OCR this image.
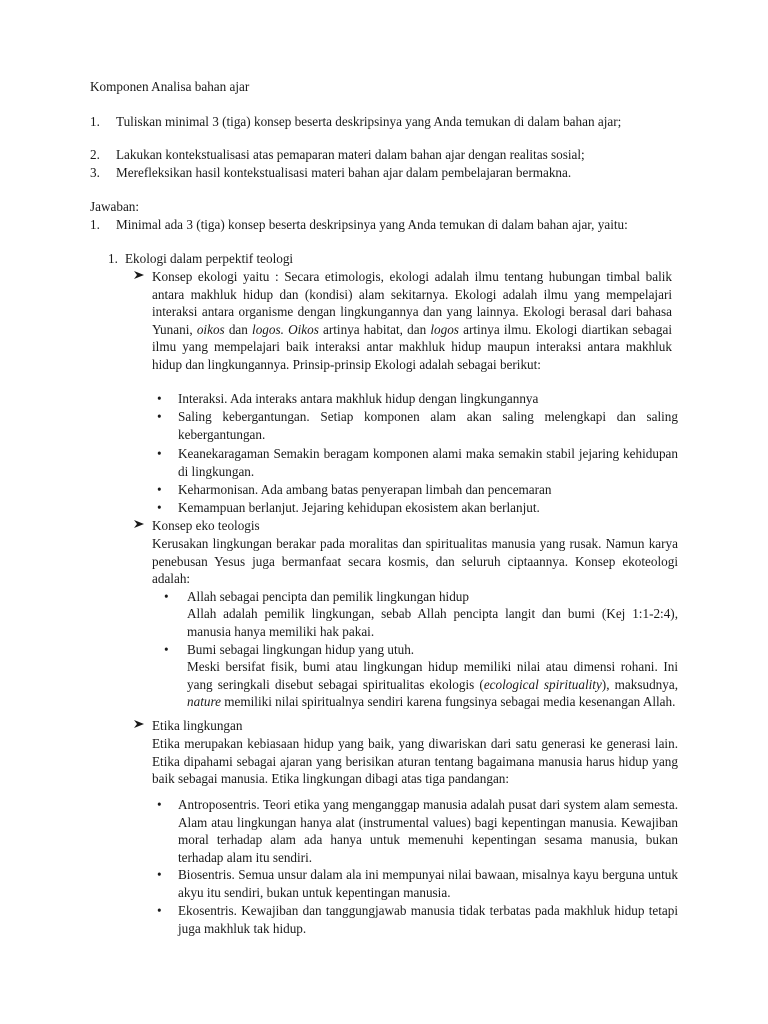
Komponen Analisa bahan ajar
1. Tuliskan minimal 3 (tiga) konsep beserta deskripsinya yang Anda temukan di dalam bahan ajar;
2. Lakukan kontekstualisasi atas pemaparan materi dalam bahan ajar dengan realitas sosial;
3. Merefleksikan hasil kontekstualisasi materi bahan ajar dalam pembelajaran bermakna.
Jawaban:
1. Minimal ada 3 (tiga) konsep beserta deskripsinya yang Anda temukan di dalam bahan ajar, yaitu:
1. Ekologi dalam perpektif teologi
Konsep ekologi yaitu : Secara etimologis, ekologi adalah ilmu tentang hubungan timbal balik antara makhluk hidup dan (kondisi) alam sekitarnya. Ekologi adalah ilmu yang mempelajari interaksi antara organisme dengan lingkungannya dan yang lainnya. Ekologi berasal dari bahasa Yunani, oikos dan logos. Oikos artinya habitat, dan logos artinya ilmu. Ekologi diartikan sebagai ilmu yang mempelajari baik interaksi antar makhluk hidup maupun interaksi antara makhluk hidup dan lingkungannya. Prinsip-prinsip Ekologi adalah sebagai berikut:
• Interaksi. Ada interaks antara makhluk hidup dengan lingkungannya
• Saling kebergantungan. Setiap komponen alam akan saling melengkapi dan saling kebergantungan.
• Keanekaragaman Semakin beragam komponen alami maka semakin stabil jejaring kehidupan di lingkungan.
• Keharmonisan. Ada ambang batas penyerapan limbah dan pencemaran
• Kemampuan berlanjut. Jejaring kehidupan ekosistem akan berlanjut.
Konsep eko teologis
Kerusakan lingkungan berakar pada moralitas dan spiritualitas manusia yang rusak. Namun karya penebusan Yesus juga bermanfaat secara kosmis, dan seluruh ciptaannya. Konsep ekoteologi adalah:
• Allah sebagai pencipta dan pemilik lingkungan hidup
Allah adalah pemilik lingkungan, sebab Allah pencipta langit dan bumi (Kej 1:1-2:4), manusia hanya memiliki hak pakai.
• Bumi sebagai lingkungan hidup yang utuh.
Meski bersifat fisik, bumi atau lingkungan hidup memiliki nilai atau dimensi rohani. Ini yang seringkali disebut sebagai spiritualitas ekologis (ecological spirituality), maksudnya, nature memiliki nilai spiritualnya sendiri karena fungsinya sebagai media kesenangan Allah.
Etika lingkungan
Etika merupakan kebiasaan hidup yang baik, yang diwariskan dari satu generasi ke generasi lain. Etika dipahami sebagai ajaran yang berisikan aturan tentang bagaimana manusia harus hidup yang baik sebagai manusia. Etika lingkungan dibagi atas tiga pandangan:
• Antroposentris. Teori etika yang menganggap manusia adalah pusat dari system alam semesta. Alam atau lingkungan hanya alat (instrumental values) bagi kepentingan manusia. Kewajiban moral terhadap alam ada hanya untuk memenuhi kepentingan sesama manusia, bukan terhadap alam itu sendiri.
• Biosentris. Semua unsur dalam ala ini mempunyai nilai bawaan, misalnya kayu berguna untuk akyu itu sendiri, bukan untuk kepentingan manusia.
• Ekosentris. Kewajiban dan tanggungjawab manusia tidak terbatas pada makhluk hidup tetapi juga makhluk tak hidup.
